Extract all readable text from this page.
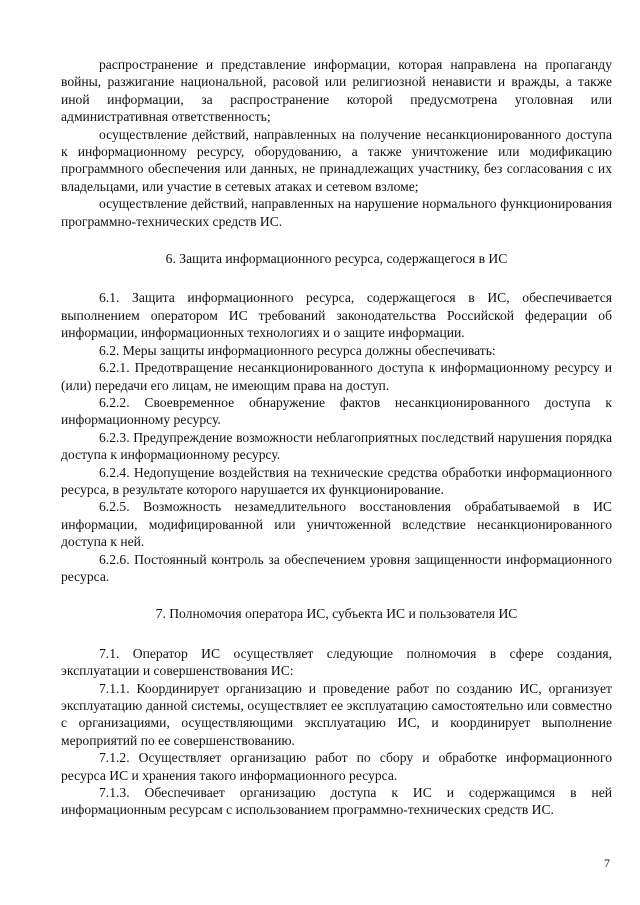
распространение и представление информации, которая направлена на пропаганду войны, разжигание национальной, расовой или религиозной ненависти и вражды, а также иной информации, за распространение которой предусмотрена уголовная или административная ответственность;

осуществление действий, направленных на получение несанкционированного доступа к информационному ресурсу, оборудованию, а также уничтожение или модификацию программного обеспечения или данных, не принадлежащих участнику, без согласования с их владельцами, или участие в сетевых атаках и сетевом взломе;

осуществление действий, направленных на нарушение нормального функционирования программно-технических средств ИС.

6. Защита информационного ресурса, содержащегося в ИС

6.1. Защита информационного ресурса, содержащегося в ИС, обеспечивается выполнением оператором ИС требований законодательства Российской федерации об информации, информационных технологиях и о защите информации.

6.2. Меры защиты информационного ресурса должны обеспечивать:

6.2.1. Предотвращение несанкционированного доступа к информационному ресурсу и (или) передачи его лицам, не имеющим права на доступ.

6.2.2. Своевременное обнаружение фактов несанкционированного доступа к информационному ресурсу.

6.2.3. Предупреждение возможности неблагоприятных последствий нарушения порядка доступа к информационному ресурсу.

6.2.4. Недопущение воздействия на технические средства обработки информационного ресурса, в результате которого нарушается их функционирование.

6.2.5. Возможность незамедлительного восстановления обрабатываемой в ИС информации, модифицированной или уничтоженной вследствие несанкционированного доступа к ней.

6.2.6. Постоянный контроль за обеспечением уровня защищенности информационного ресурса.

7. Полномочия оператора ИС, субъекта ИС и пользователя ИС

7.1. Оператор ИС осуществляет следующие полномочия в сфере создания, эксплуатации и совершенствования ИС:

7.1.1. Координирует организацию и проведение работ по созданию ИС, организует эксплуатацию данной системы, осуществляет ее эксплуатацию самостоятельно или совместно с организациями, осуществляющими эксплуатацию ИС, и координирует выполнение мероприятий по ее совершенствованию.

7.1.2. Осуществляет организацию работ по сбору и обработке информационного ресурса ИС и хранения такого информационного ресурса.

7.1.3. Обеспечивает организацию доступа к ИС и содержащимся в ней информационным ресурсам с использованием программно-технических средств ИС.

7
